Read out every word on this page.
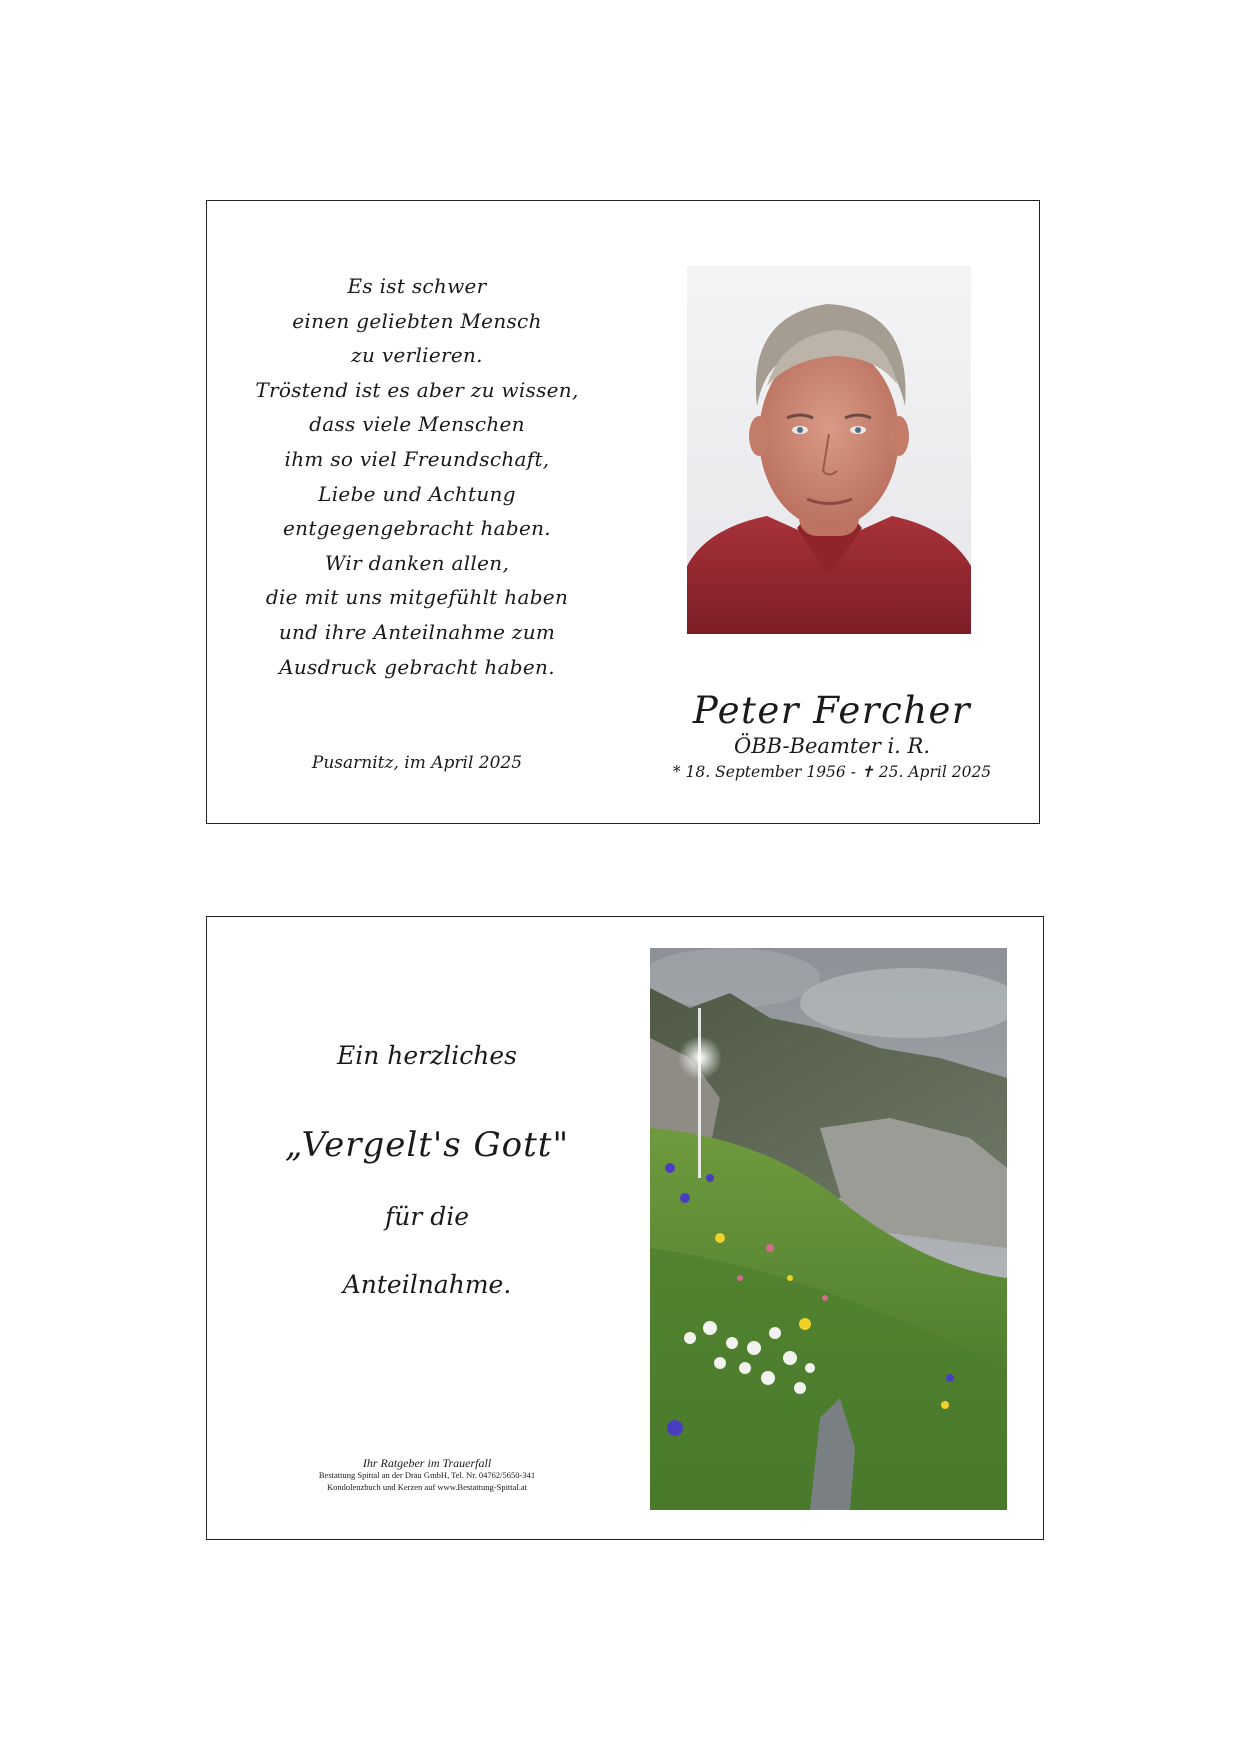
Es ist schwer
einen geliebten Mensch
zu verlieren.
Tröstend ist es aber zu wissen,
dass viele Menschen
ihm so viel Freundschaft,
Liebe und Achtung
entgegengebracht haben.
Wir danken allen,
die mit uns mitgefühlt haben
und ihre Anteilnahme zum
Ausdruck gebracht haben.
Pusarnitz, im April 2025
Peter Fercher
ÖBB-Beamter i. R.
* 18. September 1956 - ✝ 25. April 2025
Ein herzliches
„Vergelt's Gott"
für die
Anteilnahme.
Ihr Ratgeber im Trauerfall
Bestattung Spittal an der Drau GmbH, Tel. Nr. 04762/5650-341
Kondolenzbuch und Kerzen auf www.Bestattung-Spittal.at
